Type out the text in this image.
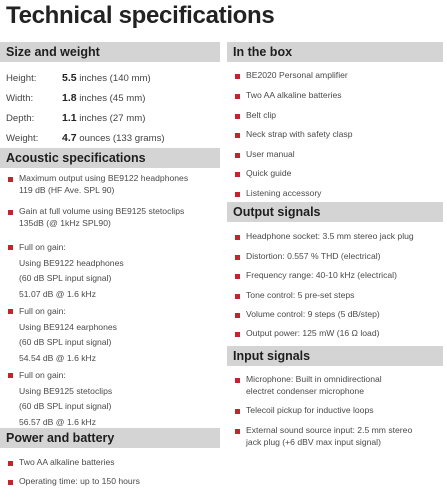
Technical specifications
Size and weight
Height: 5.5 inches (140 mm)
Width:	1.8 inches (45 mm)
Depth:	1.1 inches (27 mm)
Weight: 4.7 ounces (133 grams)
Acoustic specifications
Maximum output using BE9122 headphones
119 dB (HF Ave. SPL 90)
Gain at full volume using BE9125 stetoclips
135dB (@ 1kHz SPL90)
Full on gain:
Using BE9122 headphones
(60 dB SPL input signal)
51.07 dB @ 1.6 kHz
Full on gain:
Using BE9124 earphones
(60 dB SPL input signal)
54.54 dB @ 1.6 kHz
Full on gain:
Using BE9125 stetoclips
(60 dB SPL input signal)
56.57 dB @ 1.6 kHz
Power and battery
Two AA alkaline batteries
Operating time: up to 150 hours
In the box
BE2020 Personal amplifier
Two AA alkaline batteries
Belt clip
Neck strap with safety clasp
User manual
Quick guide
Listening accessory
Output signals
Headphone socket: 3.5 mm stereo jack plug
Distortion: 0.557 % THD (electrical)
Frequency range: 40-10 kHz (electrical)
Tone control: 5 pre-set steps
Volume control: 9 steps (5 dB/step)
Output power: 125 mW (16 Ω load)
Input signals
Microphone: Built in omnidirectional
electret condenser microphone
Telecoil pickup for inductive loops
External sound source input: 2.5 mm stereo
jack plug (+6 dBV max input signal)
